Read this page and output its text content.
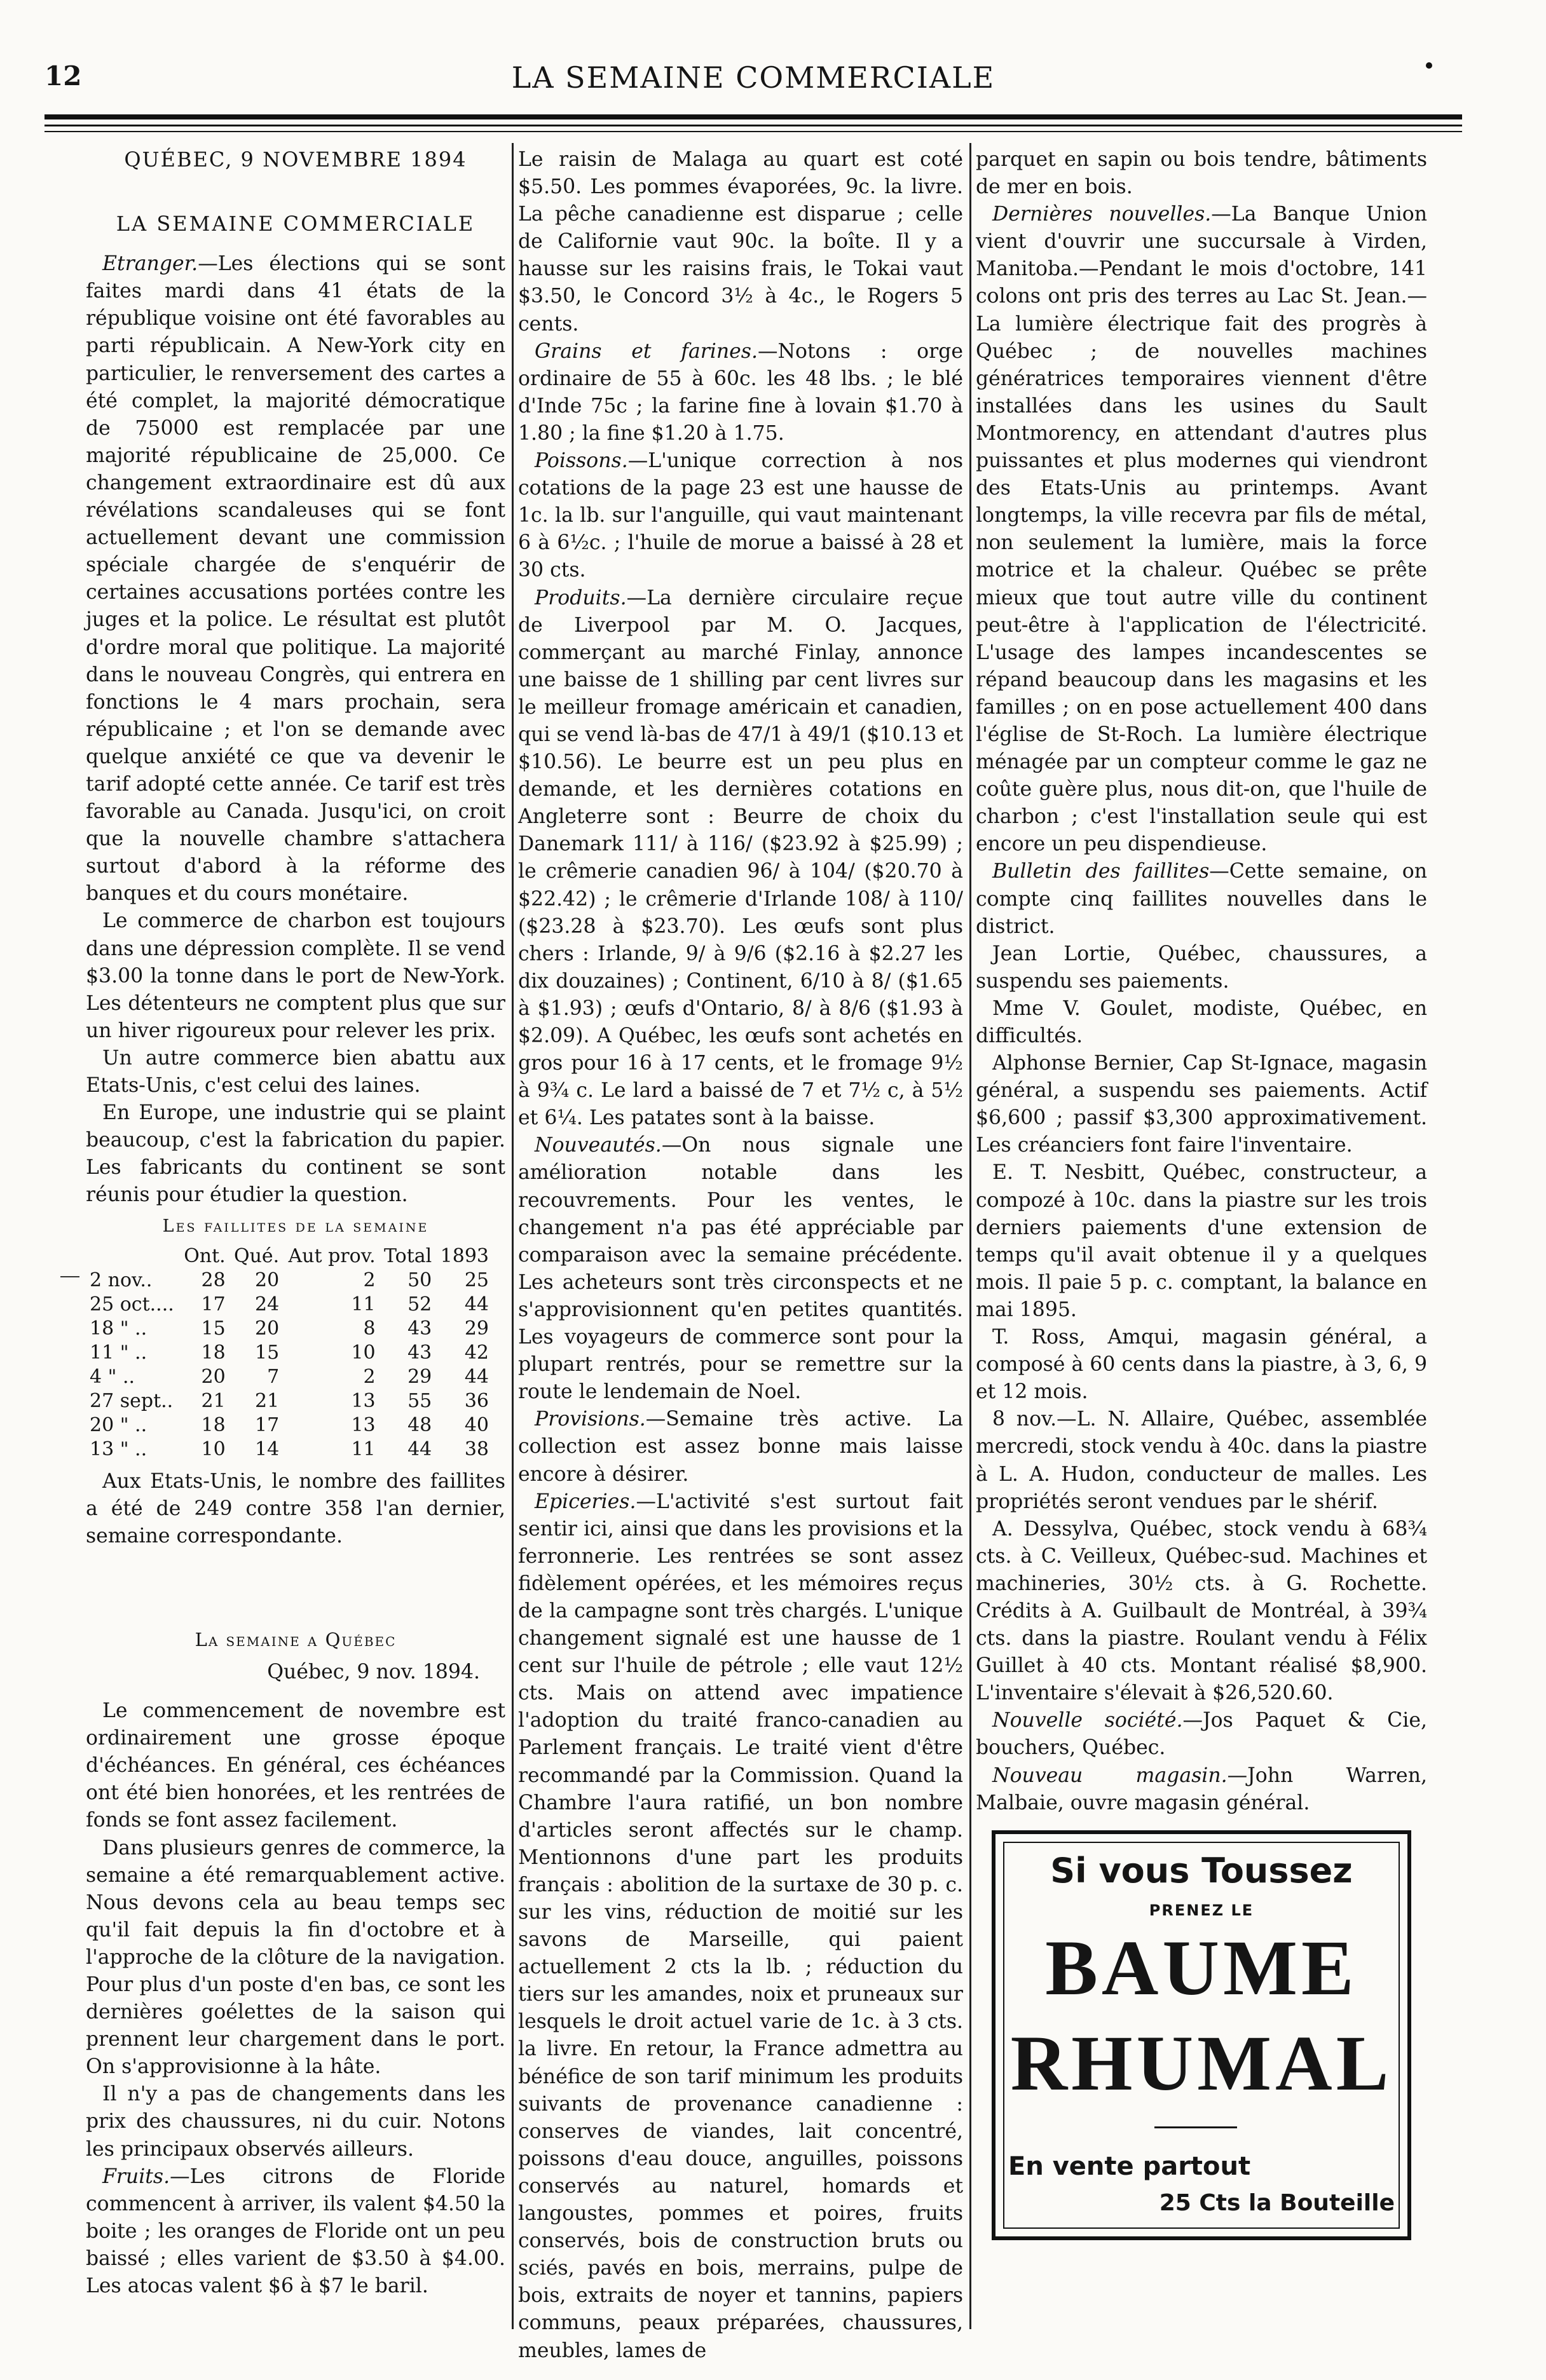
12	LA SEMAINE COMMERCIALE
QUÉBEC, 9 NOVEMBRE 1894
LA SEMAINE COMMERCIALE

Etranger.—Les élections qui se sont faites mardi dans 41 états de la république voisine ont été favorables au parti républicain. A New-York city en particulier, le renversement des cartes a été complet, la majorité démocratique de 75000 est remplacée par une majorité républicaine de 25,000. Ce changement extraordinaire est dû aux révélations scandaleuses qui se font actuellement devant une commission spéciale chargée de s'enquérir de certaines accusations portées contre les juges et la police. Le résultat est plutôt d'ordre moral que politique. La majorité dans le nouveau Congrès, qui entrera en fonctions le 4 mars prochain, sera républicaine ; et l'on se demande avec quelque anxiété ce que va devenir le tarif adopté cette année. Ce tarif est très favorable au Canada. Jusqu'ici, on croit que la nouvelle chambre s'attachera surtout d'abord à la réforme des banques et du cours monétaire.

Le commerce de charbon est toujours dans une dépression complète. Il se vend $3.00 la tonne dans le port de New-York. Les détenteurs ne comptent plus que sur un hiver rigoureux pour relever les prix.

Un autre commerce bien abattu aux Etats-Unis, c'est celui des laines.

En Europe, une industrie qui se plaint beaucoup, c'est la fabrication du papier. Les fabricants du continent se sont réunis pour étudier la question.

Les faillites de la semaine
	Ont.	Qué.	Aut prov.	Total	1893
2 nov..	28	20	2	50	25
25 oct....	17	24	11	52	44
18 " ..	15	20	8	43	29
11 " ..	18	15	10	43	42
4 " ..	20	7	2	29	44
27 sept..	21	21	13	55	36
20 " ..	18	17	13	48	40
13 " ..	10	14	11	44	38

Aux Etats-Unis, le nombre des faillites a été de 249 contre 358 l'an dernier, semaine correspondante.

La semaine a Québec
Québec, 9 nov. 1894.

Le commencement de novembre est ordinairement une grosse époque d'échéances. En général, ces échéances ont été bien honorées, et les rentrées de fonds se font assez facilement.

Dans plusieurs genres de commerce, la semaine a été remarquablement active. Nous devons cela au beau temps sec qu'il fait depuis la fin d'octobre et à l'approche de la clôture de la navigation. Pour plus d'un poste d'en bas, ce sont les dernières goélettes de la saison qui prennent leur chargement dans le port. On s'approvisionne à la hâte.

Il n'y a pas de changements dans les prix des chaussures, ni du cuir. Notons les principaux observés ailleurs.

Fruits.—Les citrons de Floride commencent à arriver, ils valent $4.50 la boite ; les oranges de Floride ont un peu baissé ; elles varient de $3.50 à $4.00. Les atocas valent $6 à $7 le baril.

Le raisin de Malaga au quart est coté $5.50. Les pommes évaporées, 9c. la livre. La pêche canadienne est disparue ; celle de Californie vaut 90c. la boîte. Il y a hausse sur les raisins frais, le Tokai vaut $3.50, le Concord 3½ à 4c., le Rogers 5 cents.

Grains et farines.—Notons : orge ordinaire de 55 à 60c. les 48 lbs. ; le blé d'Inde 75c ; la farine fine à lovain $1.70 à 1.80 ; la fine $1.20 à 1.75.

Poissons.—L'unique correction à nos cotations de la page 23 est une hausse de 1c. la lb. sur l'anguille, qui vaut maintenant 6 à 6½c. ; l'huile de morue a baissé à 28 et 30 cts.

Produits.—La dernière circulaire reçue de Liverpool par M. O. Jacques, commerçant au marché Finlay, annonce une baisse de 1 shilling par cent livres sur le meilleur fromage américain et canadien, qui se vend là-bas de 47/1 à 49/1 ($10.13 et $10.56). Le beurre est un peu plus en demande, et les dernières cotations en Angleterre sont : Beurre de choix du Danemark 111/ à 116/ ($23.92 à $25.99) ; le crêmerie canadien 96/ à 104/ ($20.70 à $22.42) ; le crêmerie d'Irlande 108/ à 110/ ($23.28 à $23.70). Les œufs sont plus chers : Irlande, 9/ à 9/6 ($2.16 à $2.27 les dix douzaines) ; Continent, 6/10 à 8/ ($1.65 à $1.93) ; œufs d'Ontario, 8/ à 8/6 ($1.93 à $2.09). A Québec, les œufs sont achetés en gros pour 16 à 17 cents, et le fromage 9½ à 9¾ c. Le lard a baissé de 7 et 7½ c, à 5½ et 6¼. Les patates sont à la baisse.

Nouveautés.—On nous signale une amélioration notable dans les recouvrements. Pour les ventes, le changement n'a pas été appréciable par comparaison avec la semaine précédente. Les acheteurs sont très circonspects et ne s'approvisionnent qu'en petites quantités. Les voyageurs de commerce sont pour la plupart rentrés, pour se remettre sur la route le lendemain de Noel.

Provisions.—Semaine très active. La collection est assez bonne mais laisse encore à désirer.

Epiceries.—L'activité s'est surtout fait sentir ici, ainsi que dans les provisions et la ferronnerie. Les rentrées se sont assez fidèlement opérées, et les mémoires reçus de la campagne sont très chargés. L'unique changement signalé est une hausse de 1 cent sur l'huile de pétrole ; elle vaut 12½ cts. Mais on attend avec impatience l'adoption du traité franco-canadien au Parlement français. Le traité vient d'être recommandé par la Commission. Quand la Chambre l'aura ratifié, un bon nombre d'articles seront affectés sur le champ. Mentionnons d'une part les produits français : abolition de la surtaxe de 30 p. c. sur les vins, réduction de moitié sur les savons de Marseille, qui paient actuellement 2 cts la lb. ; réduction du tiers sur les amandes, noix et pruneaux sur lesquels le droit actuel varie de 1c. à 3 cts. la livre. En retour, la France admettra au bénéfice de son tarif minimum les produits suivants de provenance canadienne : conserves de viandes, lait concentré, poissons d'eau douce, anguilles, poissons conservés au naturel, homards et langoustes, pommes et poires, fruits conservés, bois de construction bruts ou sciés, pavés en bois, merrains, pulpe de bois, extraits de noyer et tannins, papiers communs, peaux préparées, chaussures, meubles, lames de

parquet en sapin ou bois tendre, bâtiments de mer en bois.

Dernières nouvelles.—La Banque Union vient d'ouvrir une succursale à Virden, Manitoba.—Pendant le mois d'octobre, 141 colons ont pris des terres au Lac St. Jean.—La lumière électrique fait des progrès à Québec ; de nouvelles machines génératrices temporaires viennent d'être installées dans les usines du Sault Montmorency, en attendant d'autres plus puissantes et plus modernes qui viendront des Etats-Unis au printemps. Avant longtemps, la ville recevra par fils de métal, non seulement la lumière, mais la force motrice et la chaleur. Québec se prête mieux que tout autre ville du continent peut-être à l'application de l'électricité. L'usage des lampes incandescentes se répand beaucoup dans les magasins et les familles ; on en pose actuellement 400 dans l'église de St-Roch. La lumière électrique ménagée par un compteur comme le gaz ne coûte guère plus, nous dit-on, que l'huile de charbon ; c'est l'installation seule qui est encore un peu dispendieuse.

Bulletin des faillites—Cette semaine, on compte cinq faillites nouvelles dans le district.

Jean Lortie, Québec, chaussures, a suspendu ses paiements.

Mme V. Goulet, modiste, Québec, en difficultés.

Alphonse Bernier, Cap St-Ignace, magasin général, a suspendu ses paiements. Actif $6,600 ; passif $3,300 approximativement. Les créanciers font faire l'inventaire.

E. T. Nesbitt, Québec, constructeur, a compozé à 10c. dans la piastre sur les trois derniers paiements d'une extension de temps qu'il avait obtenue il y a quelques mois. Il paie 5 p. c. comptant, la balance en mai 1895.

T. Ross, Amqui, magasin général, a composé à 60 cents dans la piastre, à 3, 6, 9 et 12 mois.

8 nov.—L. N. Allaire, Québec, assemblée mercredi, stock vendu à 40c. dans la piastre à L. A. Hudon, conducteur de malles. Les propriétés seront vendues par le shérif.

A. Dessylva, Québec, stock vendu à 68¾ cts. à C. Veilleux, Québec-sud. Machines et machineries, 30½ cts. à G. Rochette. Crédits à A. Guilbault de Montréal, à 39¾ cts. dans la piastre. Roulant vendu à Félix Guillet à 40 cts. Montant réalisé $8,900. L'inventaire s'élevait à $26,520.60.

Nouvelle société.—Jos Paquet & Cie, bouchers, Québec.

Nouveau magasin.—John Warren, Malbaie, ouvre magasin général.

Si vous Toussez
PRENEZ LE
BAUME
RHUMAL
En vente partout
25 Cts la Bouteille
